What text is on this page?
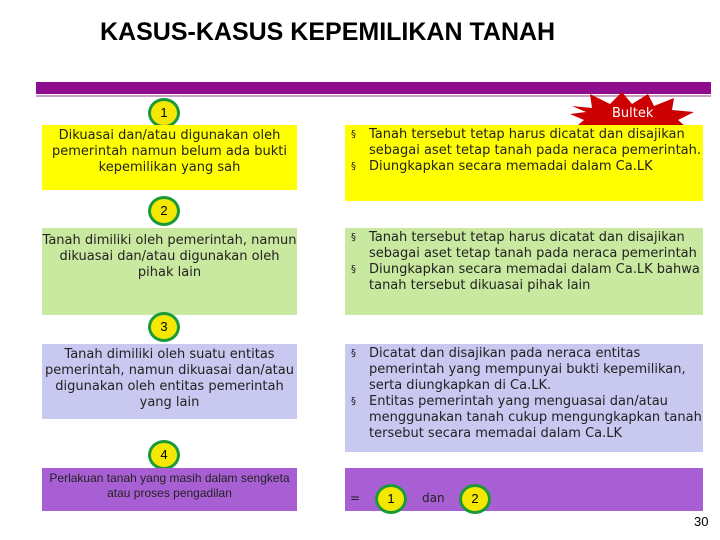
KASUS-KASUS KEPEMILIKAN TANAH
Bultek
1
Dikuasai dan/atau digunakan oleh pemerintah namun belum ada bukti kepemilikan yang sah
§ Tanah tersebut tetap harus dicatat dan disajikan sebagai aset tetap tanah pada neraca pemerintah.
§ Diungkapkan secara memadai dalam Ca.LK
2
Tanah dimiliki oleh pemerintah, namun dikuasai dan/atau digunakan oleh pihak lain
§ Tanah tersebut tetap harus dicatat dan disajikan sebagai aset tetap tanah pada neraca pemerintah
§ Diungkapkan secara memadai dalam Ca.LK bahwa tanah tersebut dikuasai pihak lain
3
Tanah dimiliki oleh suatu entitas pemerintah, namun dikuasai dan/atau digunakan oleh entitas pemerintah yang lain
§ Dicatat dan disajikan pada neraca entitas pemerintah yang mempunyai bukti kepemilikan, serta diungkapkan di Ca.LK.
§ Entitas pemerintah yang menguasai dan/atau menggunakan tanah cukup mengungkapkan tanah tersebut secara memadai dalam Ca.LK
4
Perlakuan tanah yang masih dalam sengketa atau proses pengadilan	=	1	dan	2
30
